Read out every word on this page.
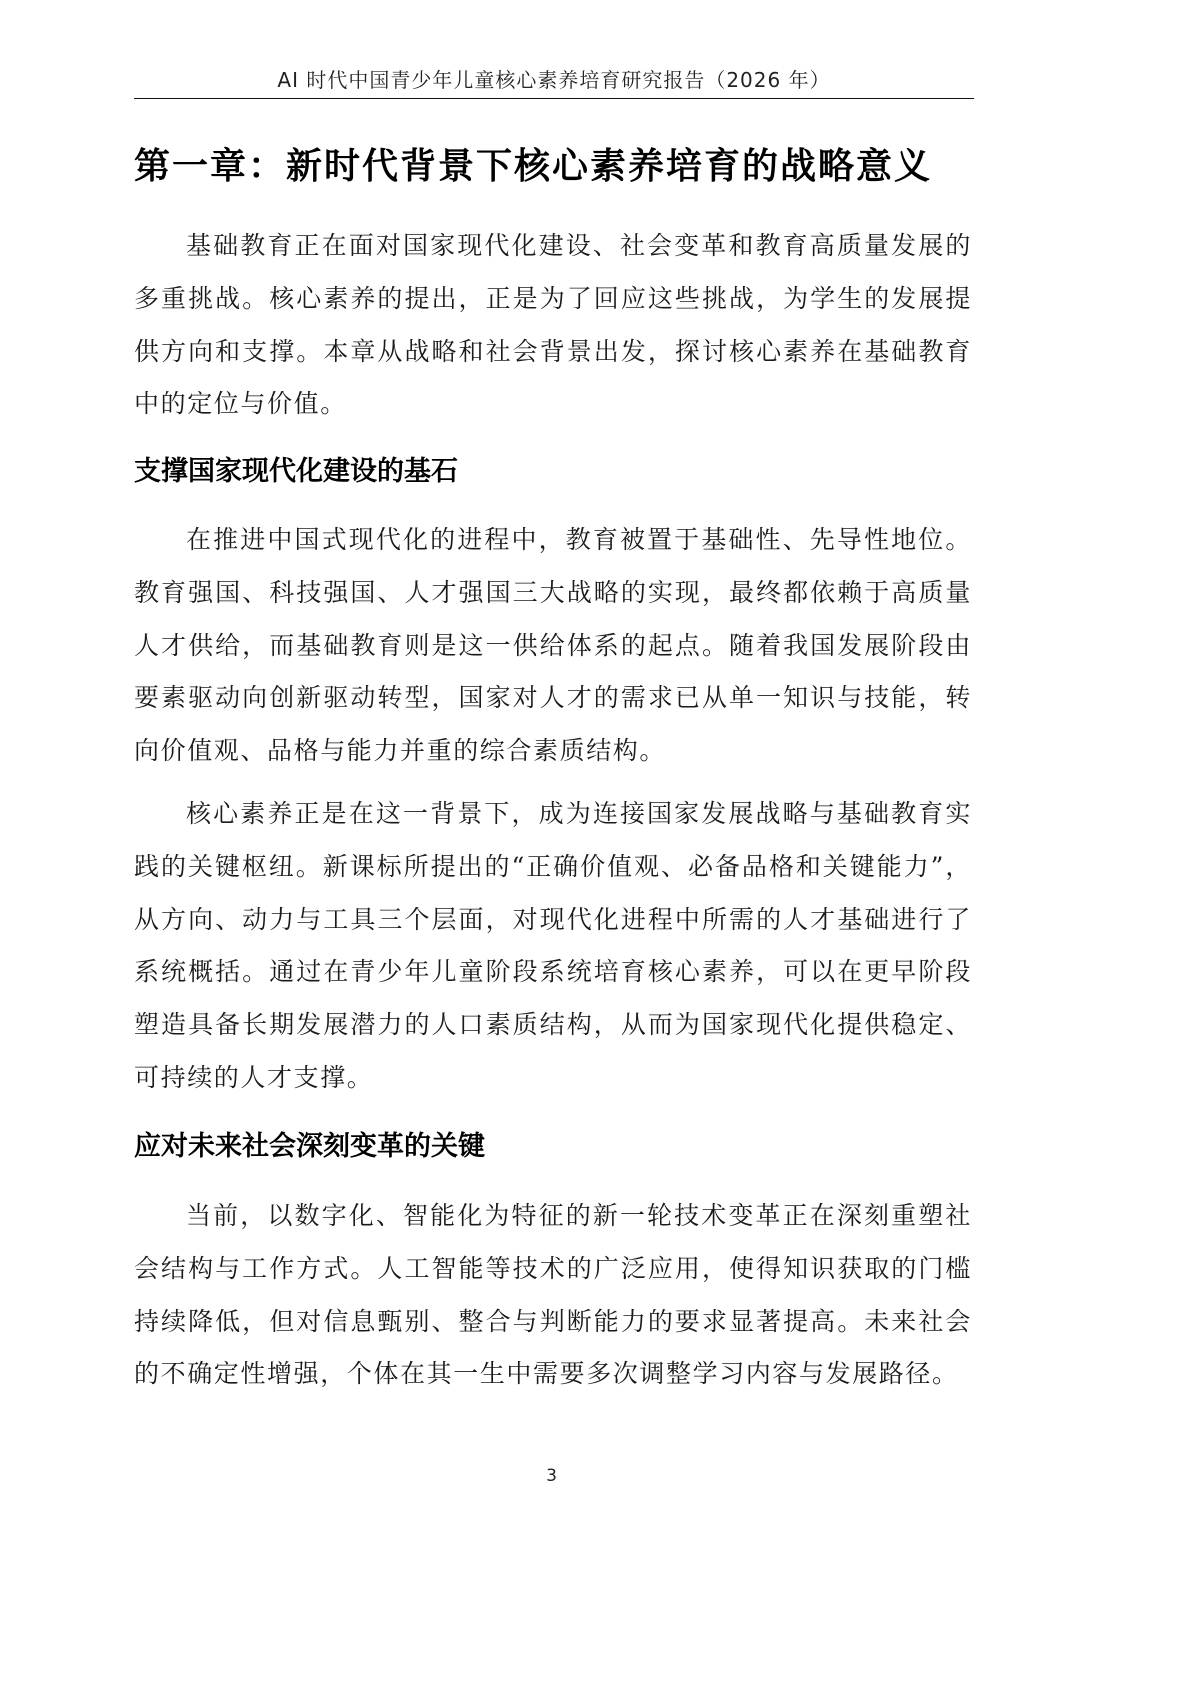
AI 时代中国青少年儿童核心素养培育研究报告（2026 年）
第一章：新时代背景下核心素养培育的战略意义

基础教育正在面对国家现代化建设、社会变革和教育高质量发展的多重挑战。核心素养的提出，正是为了回应这些挑战，为学生的发展提供方向和支撑。本章从战略和社会背景出发，探讨核心素养在基础教育中的定位与价值。

支撑国家现代化建设的基石

在推进中国式现代化的进程中，教育被置于基础性、先导性地位。教育强国、科技强国、人才强国三大战略的实现，最终都依赖于高质量人才供给，而基础教育则是这一供给体系的起点。随着我国发展阶段由要素驱动向创新驱动转型，国家对人才的需求已从单一知识与技能，转向价值观、品格与能力并重的综合素质结构。

核心素养正是在这一背景下，成为连接国家发展战略与基础教育实践的关键枢纽。新课标所提出的“正确价值观、必备品格和关键能力”，从方向、动力与工具三个层面，对现代化进程中所需的人才基础进行了系统概括。通过在青少年儿童阶段系统培育核心素养，可以在更早阶段塑造具备长期发展潜力的人口素质结构，从而为国家现代化提供稳定、可持续的人才支撑。

应对未来社会深刻变革的关键

当前，以数字化、智能化为特征的新一轮技术变革正在深刻重塑社会结构与工作方式。人工智能等技术的广泛应用，使得知识获取的门槛持续降低，但对信息甄别、整合与判断能力的要求显著提高。未来社会的不确定性增强，个体在其一生中需要多次调整学习内容与发展路径。

3
